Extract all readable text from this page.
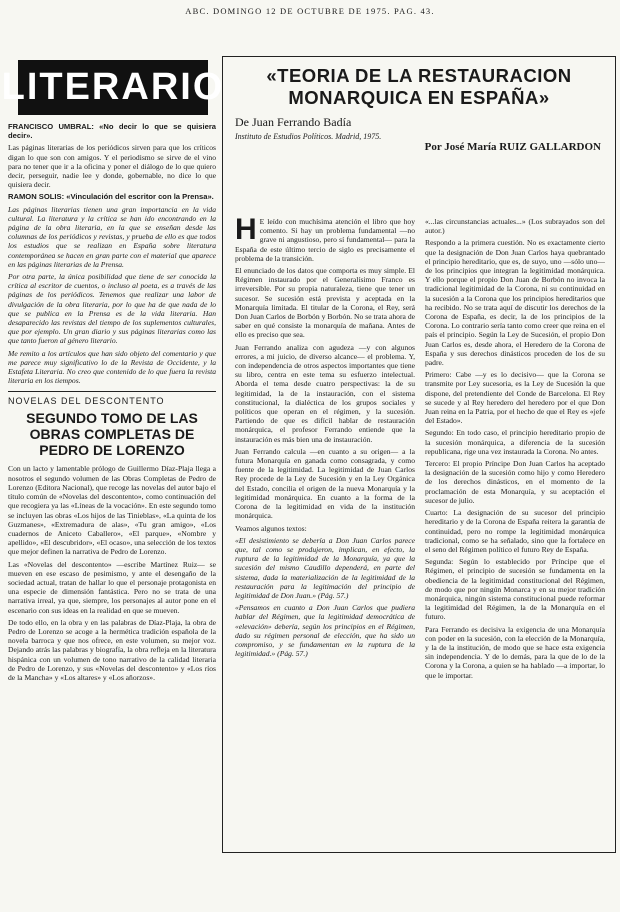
ABC. DOMINGO 12 DE OCTUBRE DE 1975. PAG. 43.
LITERARIO

FRANCISCO UMBRAL: «No decir lo que se quisiera decir».

Las páginas literarias de los periódicos sirven para que los críticos digan lo que son con amigos. Y el periodismo se sirve de el vino para no tener que ir a la oficina y poner el diálogo de lo que quiero decir, perseguir, nadie lee y donde, gobernable, no dice lo que quisiera decir.

RAMON SOLIS: «Vinculación del escritor con la Prensa».

Las páginas literarias tienen una gran importancia en la vida cultural. La literatura y la crítica se han ido encontrando en la página de la obra literaria, en la que se enseñan desde las columnas de los periódicos y revistas, y prueba de ello es que todos los estudios que se realizan en España sobre literatura contemporánea se hacen en gran parte con el material que aparece en las páginas literarias de la Prensa.

Por otra parte, la única posibilidad que tiene de ser conocida la crítica al escritor de cuentos, o incluso al poeta, es a través de las páginas de los periódicos. Tenemos que realizar una labor de divulgación de la obra literaria, por lo que ha de que nada de lo que se publica en la Prensa es de la vida literaria. Han desaparecido las revistas del tiempo de los suplementos culturales, que por ejemplo. Un gran diario y sus páginas literarias como las que tanto fueron al género literario.

Me remito a los artículos que han sido objeto del comentario y que me parece muy significativo lo de la Revista de Occidente, y la Estafeta Literaria. No creo que contenido de lo que fuera la revista literaria en los tiempos.

NOVELAS DEL DESCONTENTO
SEGUNDO TOMO DE LAS OBRAS COMPLETAS DE PEDRO DE LORENZO

Con un lacto y lamentable prólogo de Guillermo Díaz-Plaja llega a nosotros el segundo volumen de las Obras Completas de Pedro de Lorenzo (Editora Nacional), que recoge las novelas del autor bajo el título común de «Novelas del descontento», como continuación del que recogiera ya las «Líneas de la vocación». En este segundo tomo se incluyen las obras «Los hijos de las Tinieblas», «La quinta de los Guzmanes», «Extremadura de alas», «Tu gran amigo», «Los cuadernos de Aniceto Caballero», «El parque», «Nombre y apellido», «El descubridor», «El ocaso», una selección de los textos que mejor definen la narrativa de Pedro de Lorenzo.

Las «Novelas del descontento» —escribe Martínez Ruiz— se mueven en ese escaso de pesimismo, y ante el desengaño de la sociedad actual, tratan de hallar lo que el personaje protagonista en una especie de dimensión fantástica. Pero no se trata de una narrativa irreal, ya que, siempre, los personajes al autor pone en el escenario con sus ideas en la realidad en que se mueven.

De todo ello, en la obra y en las palabras de Díaz-Plaja, la obra de Pedro de Lorenzo se acoge a la hermética tradición española de la novela barroca y que nos ofrece, en este volumen, su mejor voz. Dejando atrás las palabras y biografía, la obra refleja en la literatura hispánica con un volumen de tono narrativo de la calidad literaria de Pedro de Lorenzo, y sus «Novelas del descontento» y «Los ríos de la Mancha» y «Los altares» y «Los añorzos».

«TEORIA DE LA RESTAURACION MONARQUICA EN ESPAÑA»
De Juan Ferrando Badía
Instituto de Estudios Políticos. Madrid, 1975.
Por José María RUIZ GALLARDON

H E leído con muchísima atención el libro que hoy comento. Si hay un problema fundamental —no grave ni angustioso, pero sí fundamental— para la España de este último tercio de siglo es precisamente el problema de la transición.

El enunciado de los datos que comporta es muy simple. El Régimen instaurado por el Generalísimo Franco es irreversible. Por su propia naturaleza, tiene que tener un sucesor. Se sucesión está prevista y aceptada en la Monarquía limitada. El titular de la Corona, el Rey, será Don Juan Carlos de Borbón y Borbón. No se trata ahora de saber en qué consiste la monarquía de mañana. Antes de ello es preciso que sea.

Juan Ferrando analiza con agudeza —y con algunos errores, a mi juicio, de diverso alcance— el problema. Y, con independencia de otros aspectos importantes que tiene su libro, centra en este tema su esfuerzo intelectual. Aborda el tema desde cuatro perspectivas: la de su legitimidad, la de la instauración, con el sistema constitucional, la dialéctica de los grupos sociales y políticos que operan en el régimen, y la sucesión. Partiendo de que es difícil hablar de restauración monárquica, el profesor Ferrando entiende que la instauración es más bien una de instauración.

Juan Ferrando calcula —en cuanto a su origen— a la futura Monarquía en ganada como consagrada, y como fuente de la legitimidad. La legitimidad de Juan Carlos Rey procede de la Ley de Sucesión y en la Ley Orgánica del Estado, concilia el origen de la nueva Monarquía y la legitimidad monárquica. En cuanto a la forma de la Corona de la legitimidad en vida de la institución monárquica.

Veamos algunos textos:

«El desistimiento se debería a Don Juan Carlos parece que, tal como se produjeron, implican, en efecto, la ruptura de la legitimidad de la Monarquía, ya que la sucesión del mismo Caudillo dependerá, en parte del sistema, dada la materialización de la legitimidad de la restauración para la legitimación del principio de legitimidad de Don Juan.» (Pág. 57.)

«Pensamos en cuanto a Don Juan Carlos que pudiera hablar del Régimen, que la legitimidad democrática de «elevación» debería, según los principios en el Régimen, dado su régimen personal de elección, que ha sido un compromiso, y se fundamentan en la ruptura de la legitimidad.» (Pág. 57.)

«...las circunstancias actuales...» (Los subrayados son del autor.)

Respondo a la primera cuestión. No es exactamente cierto que la designación de Don Juan Carlos haya quebrantado el principio hereditario, que es, de suyo, uno —sólo uno— de los principios que integran la legitimidad monárquica. Y ello porque el propio Don Juan de Borbón no invoca la tradicional legitimidad de la Corona, ni su continuidad en la sucesión a la Corona que los principios hereditarios que ha recibido. No se trata aquí de discutir los derechos de la Corona de España, es decir, la de los principios de la Corona. Lo contrario sería tanto como creer que reina en el país el principio. Según la Ley de Sucesión, el propio Don Juan Carlos es, desde ahora, el Heredero de la Corona de España y sus derechos dinásticos proceden de los de su padre.

Primero: Cabe —y es lo decisivo— que la Corona se transmite por Ley sucesoria, es la Ley de Sucesión la que dispone, del pretendiente del Conde de Barcelona. El Rey se sucede y al Rey heredero del heredero por el que Don Juan reina en la Patria, por el hecho de que el Rey es «jefe del Estado».

Segundo: En todo caso, el principio hereditario propio de la sucesión monárquica, a diferencia de la sucesión republicana, rige una vez instaurada la Corona. No antes.

Tercero: El propio Príncipe Don Juan Carlos ha aceptado la designación de la sucesión como hijo y como Heredero de los derechos dinásticos, en el momento de la proclamación de esta Monarquía, y su aceptación el sucesor de julio.

Cuarto: La designación de su sucesor del principio hereditario y de la Corona de España reitera la garantía de continuidad, pero no rompe la legitimidad monárquica tradicional, como se ha señalado, sino que la fortalece en el seno del Régimen político el futuro Rey de España.

Segunda: Según lo establecido por Príncipe que el Régimen, el principio de sucesión se fundamenta en la obediencia de la legitimidad constitucional del Régimen, de modo que por ningún Monarca y en su mejor tradición monárquica, ningún sistema constitucional puede reformar la legitimidad del Régimen, la de la Monarquía en el futuro.

Para Ferrando es decisiva la exigencia de una Monarquía con poder en la sucesión, con la elección de la Monarquía, y la de la institución, de modo que se hace esta exigencia sin independencia. Y de lo demás, para la que de lo de la Corona y la Corona, a quien se ha hablado —a importar, lo que le importar.
